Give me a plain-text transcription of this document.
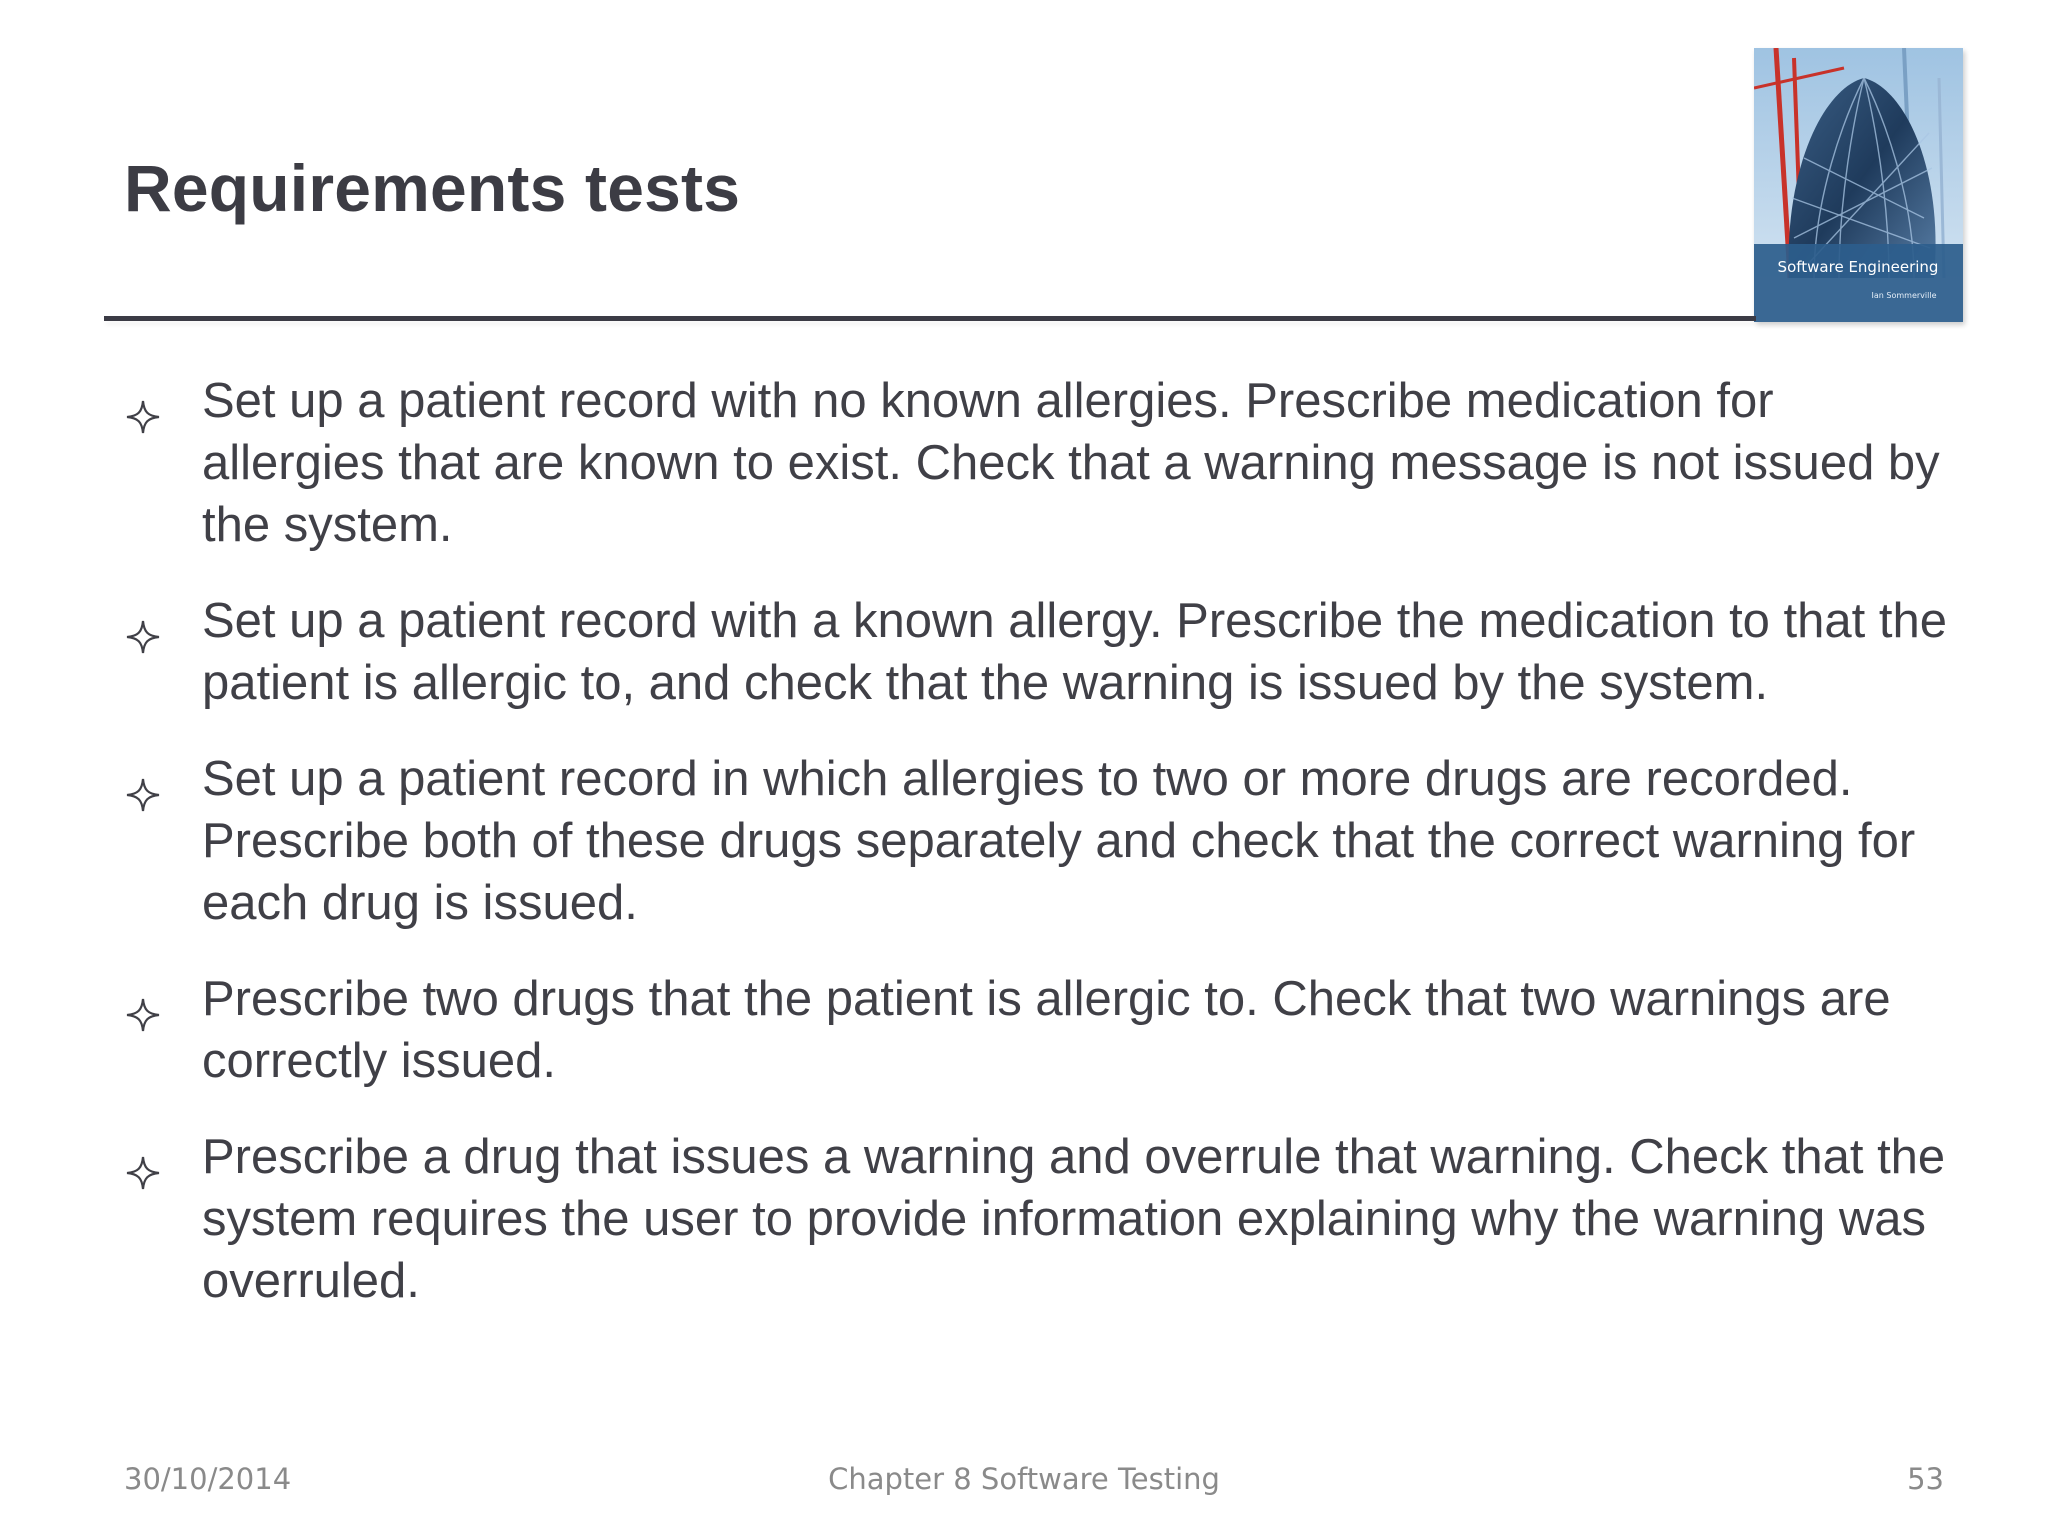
Requirements tests
Software Engineering
Ian Sommerville
Set up a patient record with no known allergies. Prescribe medication for allergies that are known to exist. Check that a warning message is not issued by the system.
Set up a patient record with a known allergy. Prescribe the medication to that the patient is allergic to, and check that the warning is issued by the system.
Set up a patient record in which allergies to two or more drugs are recorded. Prescribe both of these drugs separately and check that the correct warning for each drug is issued.
Prescribe two drugs that the patient is allergic to. Check that two warnings are correctly issued.
Prescribe a drug that issues a warning and overrule that warning. Check that the system requires the user to provide information explaining why the warning was overruled.
30/10/2014	Chapter 8 Software Testing	53
